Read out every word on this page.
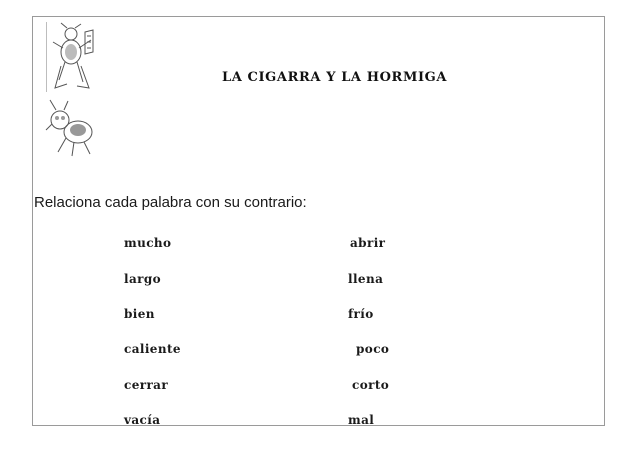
LA CIGARRA Y LA HORMIGA
Relaciona cada palabra con su contrario:
mucho
largo
bien
caliente
cerrar
vacía
abrir
llena
frío
poco
corto
mal
